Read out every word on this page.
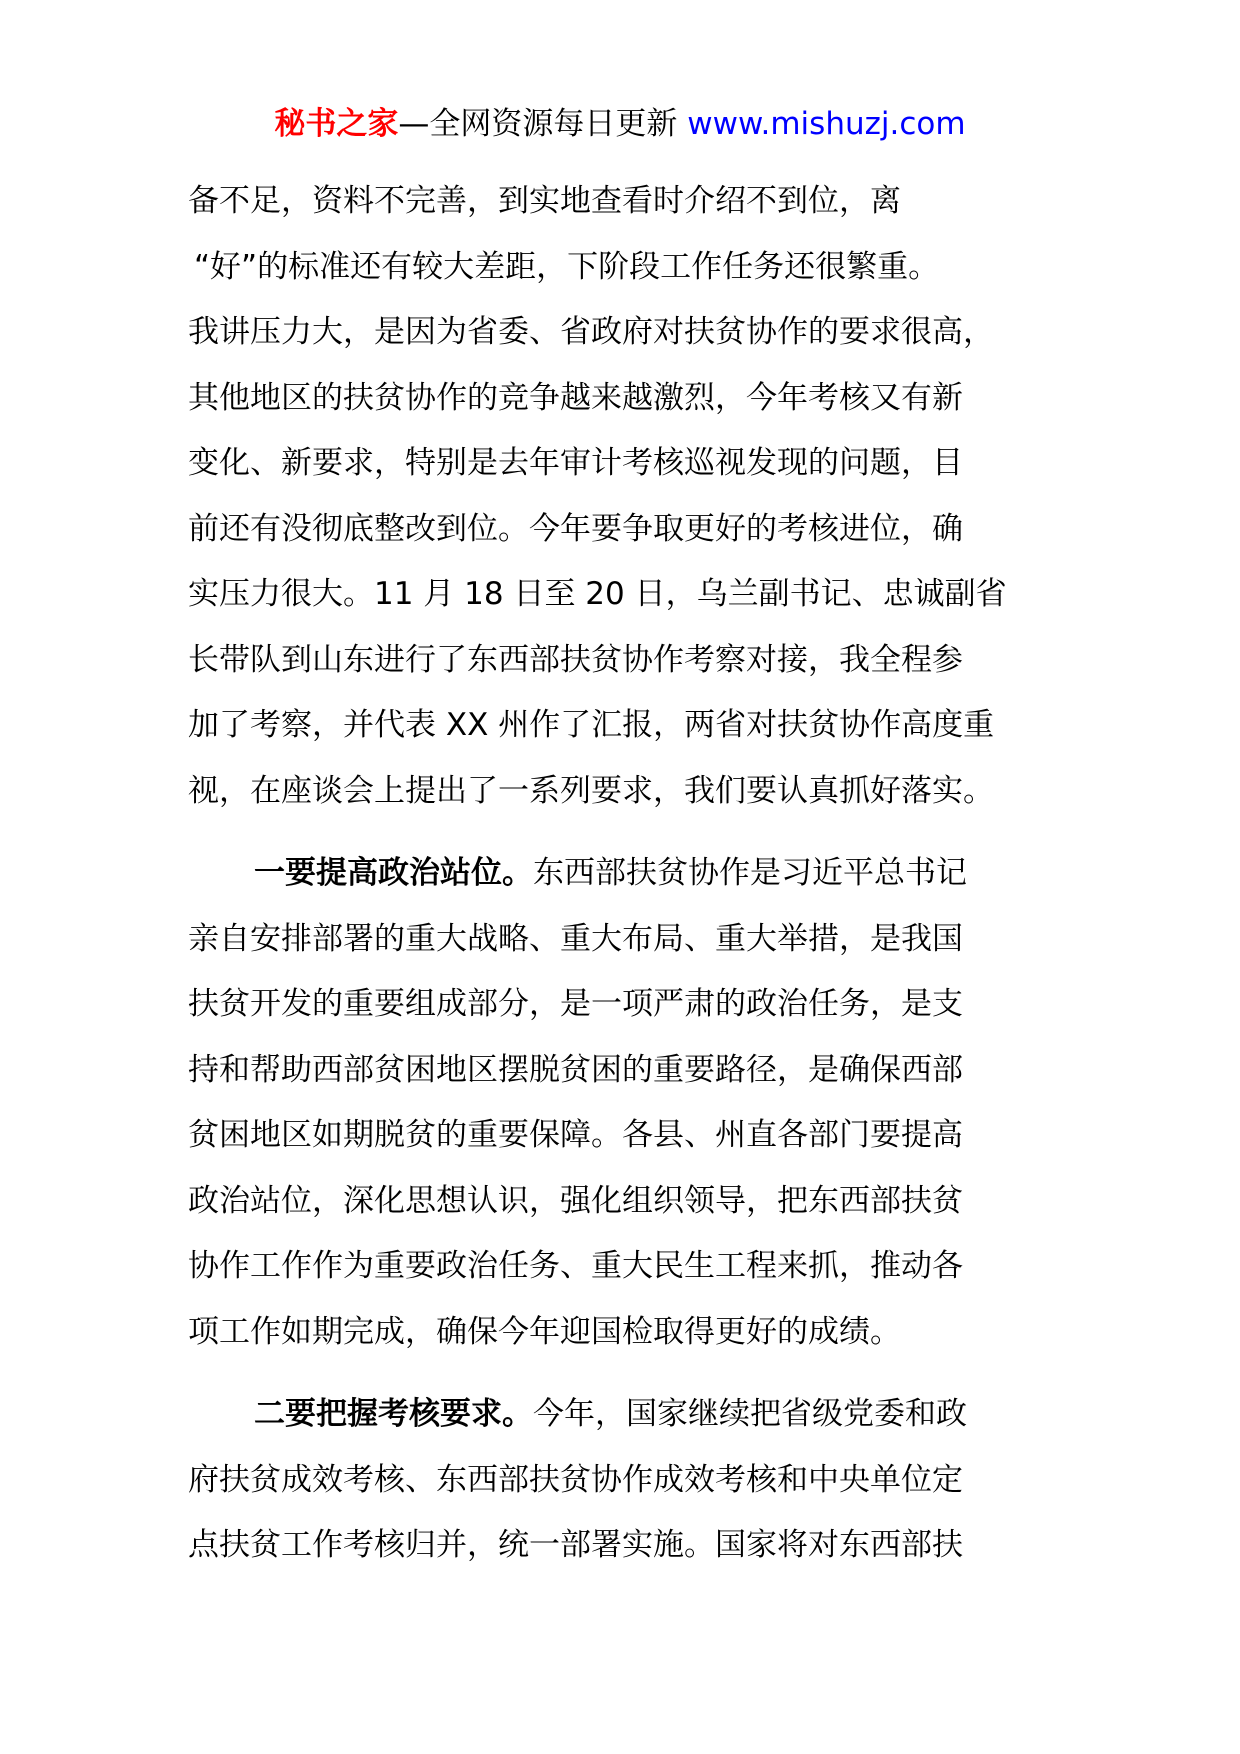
秘书之家—全网资源每日更新 www.mishuzj.com
备不足，资料不完善，到实地查看时介绍不到位，离
“好”的标准还有较大差距，下阶段工作任务还很繁重。
我讲压力大，是因为省委、省政府对扶贫协作的要求很高，
其他地区的扶贫协作的竞争越来越激烈，今年考核又有新
变化、新要求，特别是去年审计考核巡视发现的问题，目
前还有没彻底整改到位。今年要争取更好的考核进位，确
实压力很大。11 月 18 日至 20 日，乌兰副书记、忠诚副省
长带队到山东进行了东西部扶贫协作考察对接，我全程参
加了考察，并代表 XX 州作了汇报，两省对扶贫协作高度重
视，在座谈会上提出了一系列要求，我们要认真抓好落实。
一要提高政治站位。东西部扶贫协作是习近平总书记
亲自安排部署的重大战略、重大布局、重大举措，是我国
扶贫开发的重要组成部分，是一项严肃的政治任务，是支
持和帮助西部贫困地区摆脱贫困的重要路径，是确保西部
贫困地区如期脱贫的重要保障。各县、州直各部门要提高
政治站位，深化思想认识，强化组织领导，把东西部扶贫
协作工作作为重要政治任务、重大民生工程来抓，推动各
项工作如期完成，确保今年迎国检取得更好的成绩。
二要把握考核要求。今年，国家继续把省级党委和政
府扶贫成效考核、东西部扶贫协作成效考核和中央单位定
点扶贫工作考核归并，统一部署实施。国家将对东西部扶
